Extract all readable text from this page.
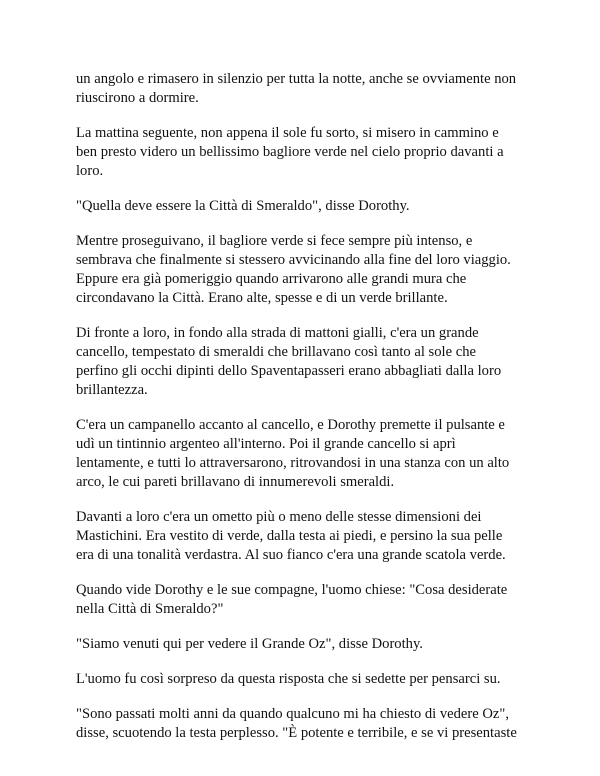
un angolo e rimasero in silenzio per tutta la notte, anche se ovviamente non
riuscirono a dormire.

La mattina seguente, non appena il sole fu sorto, si misero in cammino e
ben presto videro un bellissimo bagliore verde nel cielo proprio davanti a
loro.

"Quella deve essere la Città di Smeraldo", disse Dorothy.

Mentre proseguivano, il bagliore verde si fece sempre più intenso, e
sembrava che finalmente si stessero avvicinando alla fine del loro viaggio.
Eppure era già pomeriggio quando arrivarono alle grandi mura che
circondavano la Città. Erano alte, spesse e di un verde brillante.

Di fronte a loro, in fondo alla strada di mattoni gialli, c'era un grande
cancello, tempestato di smeraldi che brillavano così tanto al sole che
perfino gli occhi dipinti dello Spaventapasseri erano abbagliati dalla loro
brillantezza.

C'era un campanello accanto al cancello, e Dorothy premette il pulsante e
udì un tintinnio argenteo all'interno. Poi il grande cancello si aprì
lentamente, e tutti lo attraversarono, ritrovandosi in una stanza con un alto
arco, le cui pareti brillavano di innumerevoli smeraldi.

Davanti a loro c'era un ometto più o meno delle stesse dimensioni dei
Mastichini. Era vestito di verde, dalla testa ai piedi, e persino la sua pelle
era di una tonalità verdastra. Al suo fianco c'era una grande scatola verde.

Quando vide Dorothy e le sue compagne, l'uomo chiese: "Cosa desiderate
nella Città di Smeraldo?"

"Siamo venuti qui per vedere il Grande Oz", disse Dorothy.

L'uomo fu così sorpreso da questa risposta che si sedette per pensarci su.

"Sono passati molti anni da quando qualcuno mi ha chiesto di vedere Oz",
disse, scuotendo la testa perplesso. "È potente e terribile, e se vi presentaste
